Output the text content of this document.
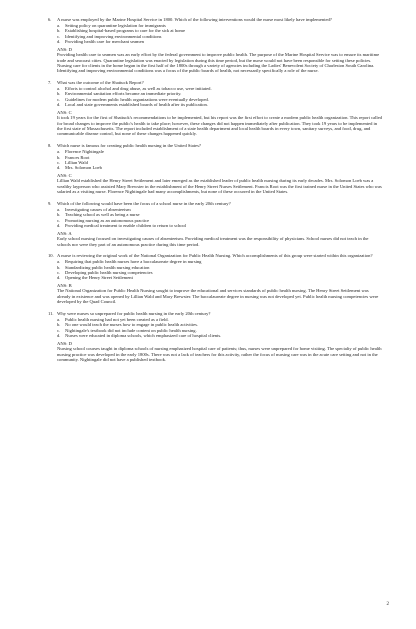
6.	A nurse was employed by the Marine Hospital Service in 1800. Which of the following interventions would the nurse most likely have implemented?
a.	Setting policy on quarantine legislation for immigrants
b. Establishing hospital-based programs to care for the sick at home
c.	Identifying and improving environmental conditions
d. Providing health care for merchant seamen
ANS: D
Providing health care to seamen was an early effort by the federal government to improve public health. The purpose of the Marine Hospital Service was to ensure its maritime trade and seacoast cities. Quarantine legislation was enacted by legislation during this time period, but the nurse would not have been responsible for setting these policies. Nursing care for clients in the home began in the first half of the 1800s through a variety of agencies including the Ladies' Benevolent Society of Charleston South Carolina. Identifying and improving environmental conditions was a focus of the public boards of health, not necessarily specifically a role of the nurse.
7.	What was the outcome of the Shattuck Report?
a.	Efforts to control alcohol and drug abuse, as well as tobacco use, were initiated.
b. Environmental sanitation efforts became an immediate priority.
c.	Guidelines for modern public health organizations were eventually developed.
d. Local and state governments established boards of health after its publication.
ANS: C
It took 19 years for the first of Shattuck's recommendations to be implemented, but his report was the first effort to create a modern public health organization. This report called for broad changes to improve the public's health to take place; however, these changes did not happen immediately after publication. They took 19 years to be implemented in the first state of Massachusetts. The report included establishment of a state health department and local health boards in every town, sanitary surveys, and food, drug, and communicable disease control, but none of these changes happened quickly.
8.	Which nurse is famous for creating public health nursing in the United States?
a.	Florence Nightingale
b. Frances Root
c.	Lillian Wald
d. Mrs. Solomon Loeb
ANS: C
Lillian Wald established the Henry Street Settlement and later emerged as the established leader of public health nursing during its early decades. Mrs. Solomon Loeb was a wealthy layperson who assisted Mary Brewster in the establishment of the Henry Street Nurses Settlement. Francis Root was the first trained nurse in the United States who was salaried as a visiting nurse. Florence Nightingale had many accomplishments, but none of these occurred in the United States.
9.	Which of the following would have been the focus of a school nurse in the early 20th century?
a.	Investigating causes of absenteeism
b. Teaching school as well as being a nurse
c.	Promoting nursing as an autonomous practice
d. Providing medical treatment to enable children to return to school
ANS: A
Early school nursing focused on investigating causes of absenteeism. Providing medical treatment was the responsibility of physicians. School nurses did not teach in the schools nor were they part of an autonomous practice during this time period.
10. A nurse is reviewing the original work of the National Organization for Public Health Nursing. Which accomplishments of this group were started within this organization?
a.	Requiring that public health nurses have a baccalaureate degree in nursing
b. Standardizing public health nursing education
c.	Developing public health nursing competencies
d. Opening the Henry Street Settlement
ANS: B
The National Organization for Public Health Nursing sought to improve the educational and services standards of public health nursing. The Henry Street Settlement was already in existence and was opened by Lillian Wald and Mary Brewster. The baccalaureate degree in nursing was not developed yet. Public health nursing competencies were developed by the Quad Council.
11. Why were nurses so unprepared for public health nursing in the early 20th century?
a.	Public health nursing had not yet been created as a field.
b. No one would teach the nurses how to engage in public health activities.
c.	Nightingale's textbook did not include content on public health nursing.
d. Nurses were educated in diploma schools, which emphasized care of hospital clients.
ANS: D
Nursing school courses taught in diploma schools of nursing emphasized hospital care of patients; thus, nurses were unprepared for home visiting. The specialty of public health nursing practice was developed in the early 1800s. There was not a lack of teachers for this activity, rather the focus of nursing care was in the acute care setting and not in the community. Nightingale did not have a published textbook.
2
